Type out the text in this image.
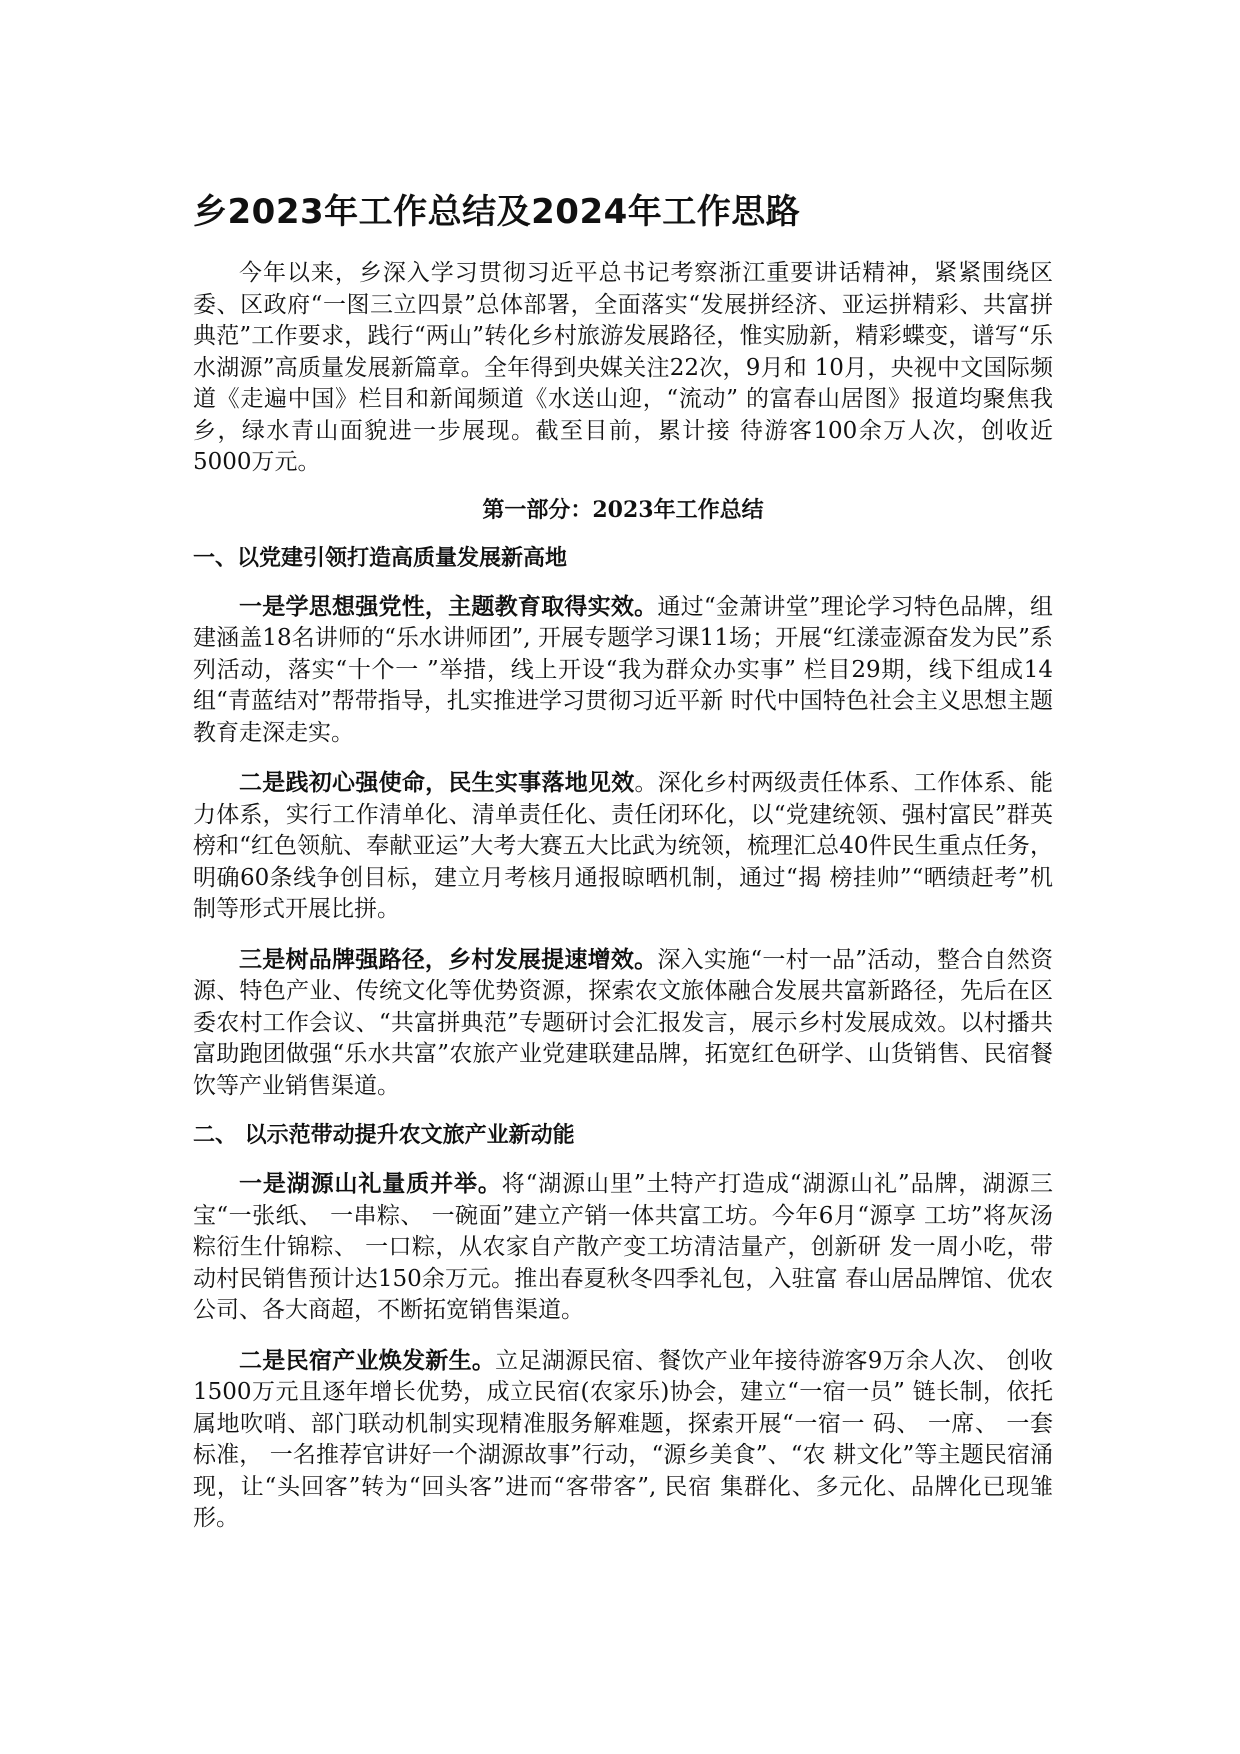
乡2023年工作总结及2024年工作思路

今年以来，乡深入学习贯彻习近平总书记考察浙江重要讲话精神，紧紧围绕区委、区政府“一图三立四景”总体部署，全面落实“发展拼经济、亚运拼精彩、共富拼典范”工作要求，践行“两山”转化乡村旅游发展路径，惟实励新，精彩蝶变，谱写“乐水湖源”高质量发展新篇章。全年得到央媒关注22次，9月和 10月，央视中文国际频道《走遍中国》栏目和新闻频道《水送山迎，“流动” 的富春山居图》报道均聚焦我乡，绿水青山面貌进一步展现。截至目前，累计接 待游客100余万人次，创收近5000万元。

第一部分：2023年工作总结
一、以党建引领打造高质量发展新高地

一是学思想强党性，主题教育取得实效。通过“金萧讲堂”理论学习特色品牌，组建涵盖18名讲师的“乐水讲师团”, 开展专题学习课11场；开展“红漾壶源奋发为民”系列活动，落实“十个一 ”举措，线上开设“我为群众办实事” 栏目29期，线下组成14组“青蓝结对”帮带指导，扎实推进学习贯彻习近平新 时代中国特色社会主义思想主题教育走深走实。

二是践初心强使命，民生实事落地见效。深化乡村两级责任体系、工作体系、能力体系，实行工作清单化、清单责任化、责任闭环化，以“党建统领、强村富民”群英榜和“红色领航、奉献亚运”大考大赛五大比武为统领，梳理汇总40件民生重点任务，明确60条线争创目标，建立月考核月通报晾晒机制，通过“揭 榜挂帅”“晒绩赶考”机制等形式开展比拼。

三是树品牌强路径，乡村发展提速增效。深入实施“一村一品”活动，整合自然资源、特色产业、传统文化等优势资源，探索农文旅体融合发展共富新路径，先后在区委农村工作会议、“共富拼典范”专题研讨会汇报发言，展示乡村发展成效。以村播共富助跑团做强“乐水共富”农旅产业党建联建品牌，拓宽红色研学、山货销售、民宿餐饮等产业销售渠道。

二、 以示范带动提升农文旅产业新动能

一是湖源山礼量质并举。将“湖源山里”土特产打造成“湖源山礼”品牌，湖源三宝“一张纸、 一串粽、 一碗面”建立产销一体共富工坊。今年6月“源享 工坊”将灰汤粽衍生什锦粽、 一口粽，从农家自产散产变工坊清洁量产，创新研 发一周小吃，带动村民销售预计达150余万元。推出春夏秋冬四季礼包，入驻富 春山居品牌馆、优农公司、各大商超，不断拓宽销售渠道。

二是民宿产业焕发新生。立足湖源民宿、餐饮产业年接待游客9万余人次、 创收1500万元且逐年增长优势，成立民宿(农家乐)协会，建立“一宿一员” 链长制，依托属地吹哨、部门联动机制实现精准服务解难题，探索开展“一宿一 码、 一席、 一套标准， 一名推荐官讲好一个湖源故事”行动，“源乡美食”、“农 耕文化”等主题民宿涌现，让“头回客”转为“回头客”进而“客带客”, 民宿 集群化、多元化、品牌化已现雏形。
